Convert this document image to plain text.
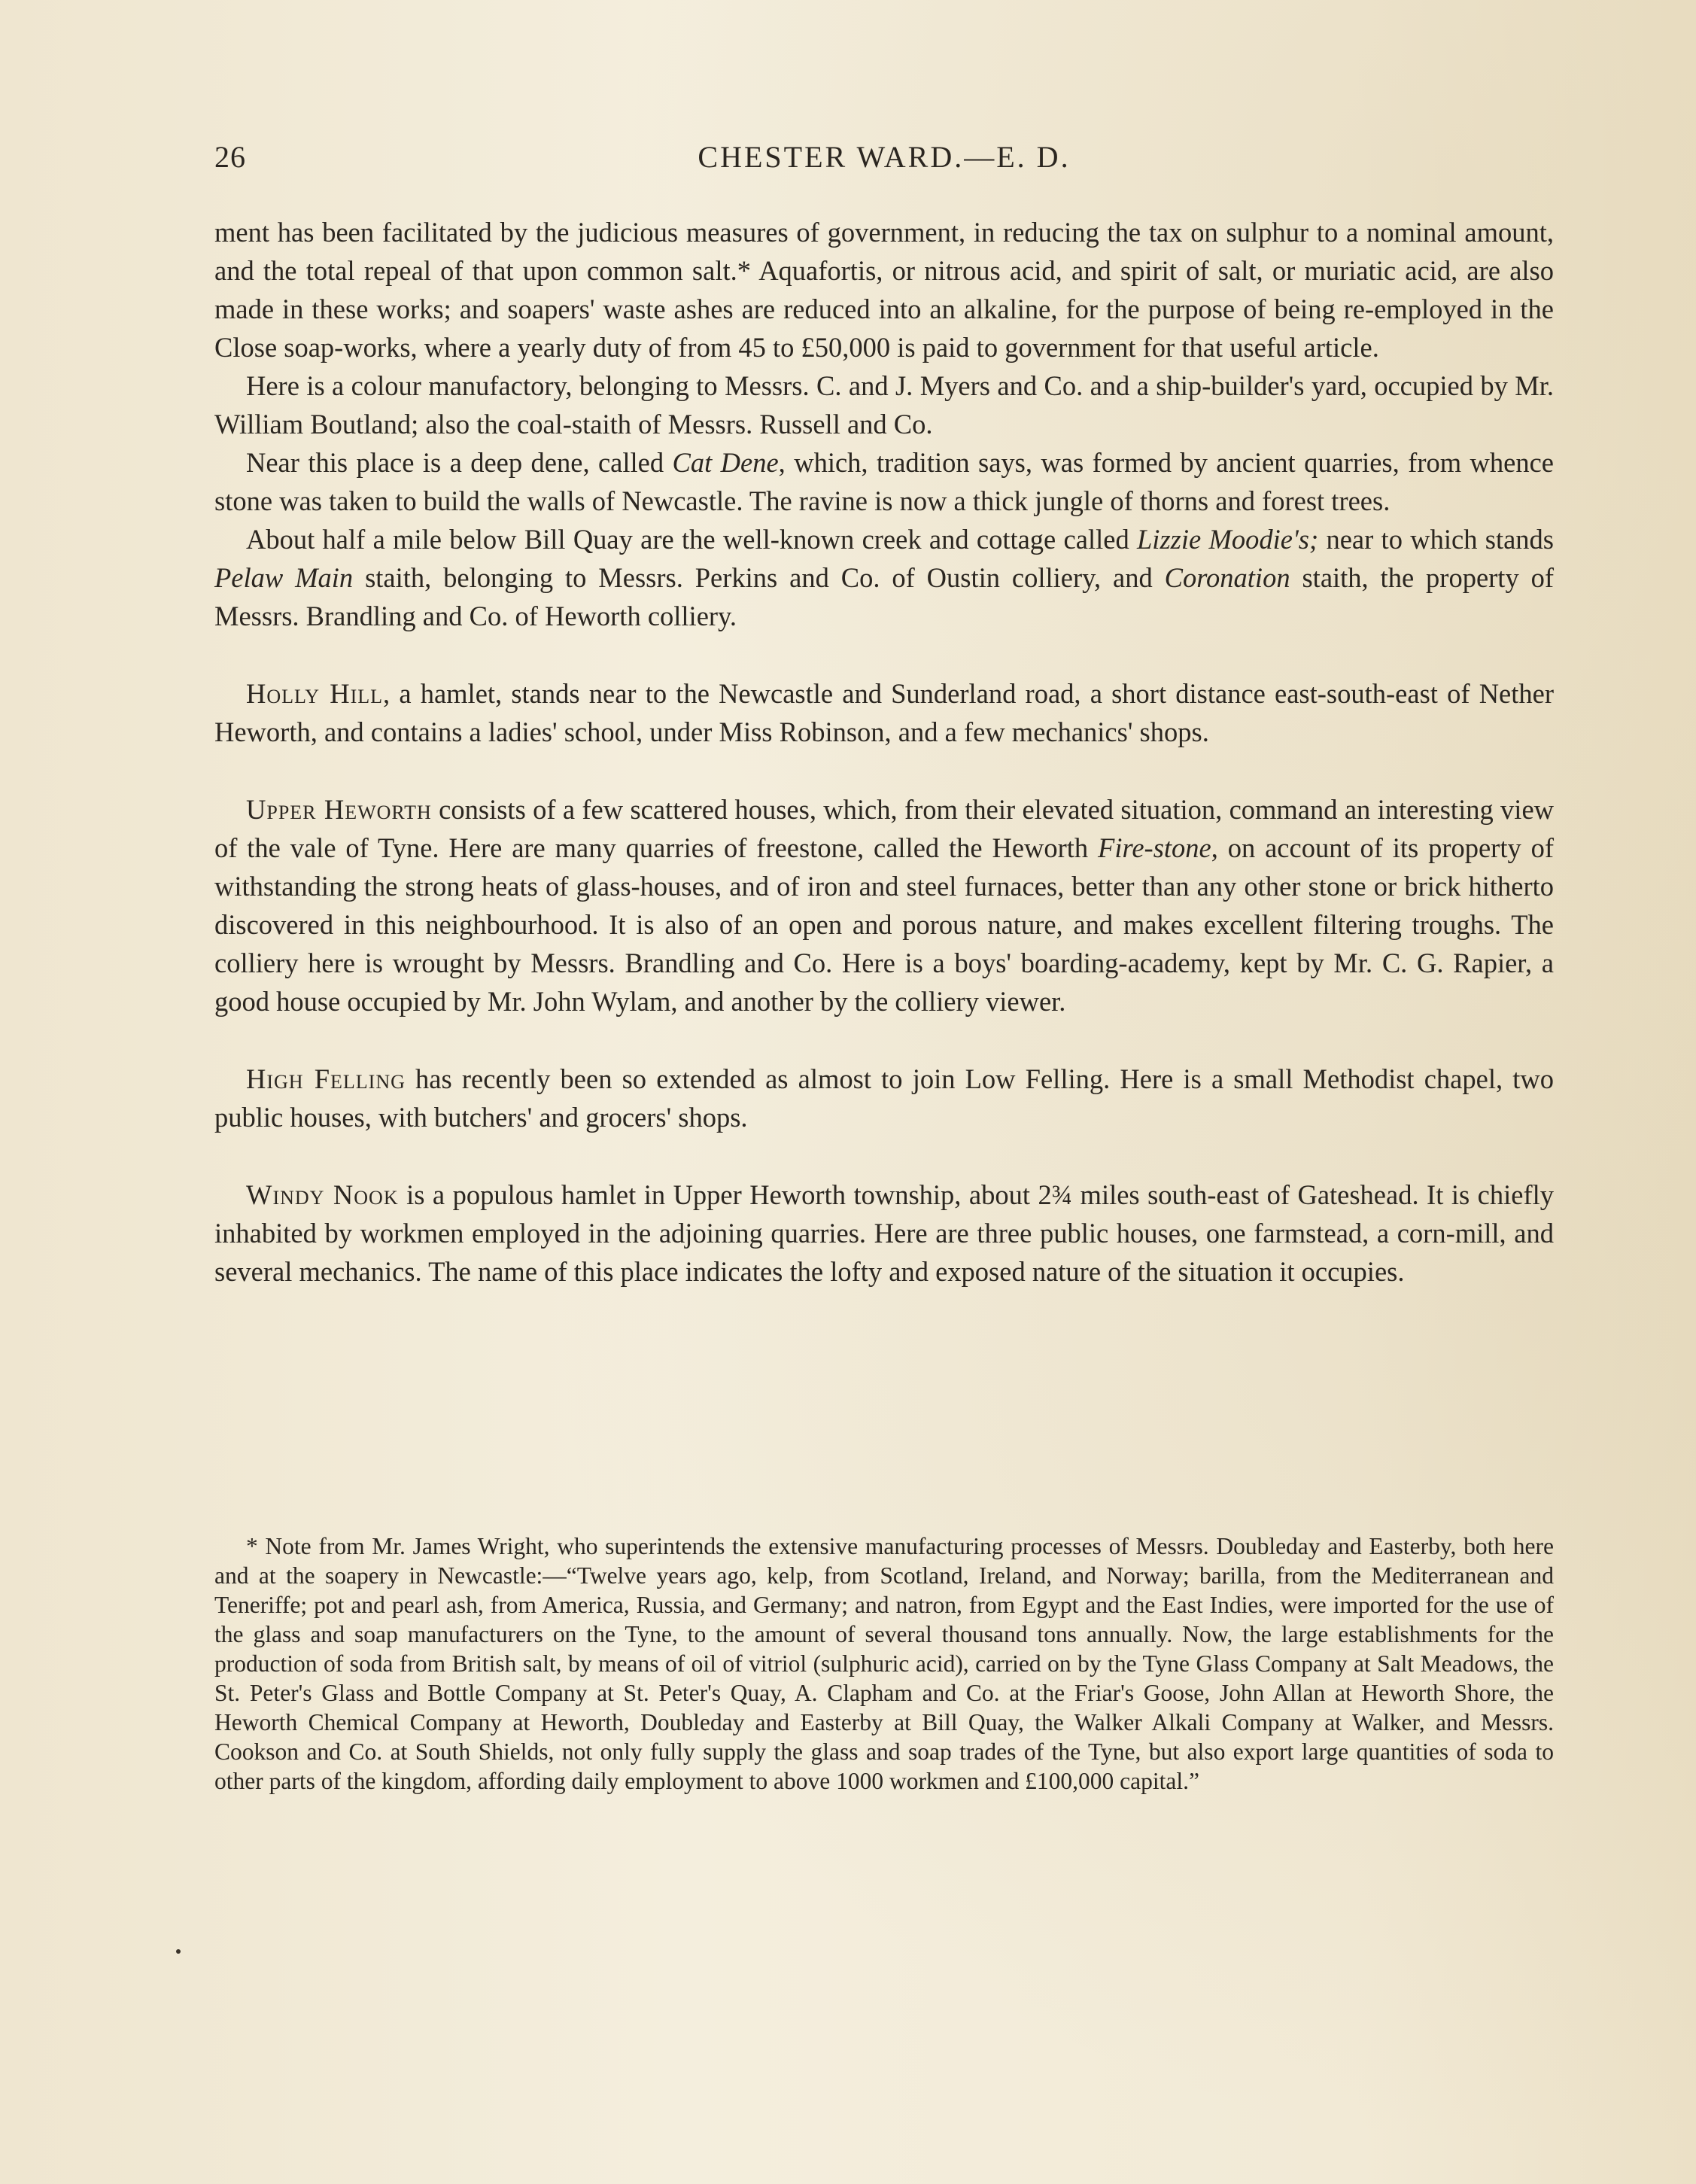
26	CHESTER WARD.—E. D.

ment has been facilitated by the judicious measures of government, in reducing the tax on sulphur to a nominal amount, and the total repeal of that upon common salt.* Aquafortis, or nitrous acid, and spirit of salt, or muriatic acid, are also made in these works; and soapers' waste ashes are reduced into an alkaline, for the purpose of being re-employed in the Close soap-works, where a yearly duty of from 45 to £50,000 is paid to government for that useful article.

Here is a colour manufactory, belonging to Messrs. C. and J. Myers and Co. and a ship-builder's yard, occupied by Mr. William Boutland; also the coal-staith of Messrs. Russell and Co.

Near this place is a deep dene, called Cat Dene, which, tradition says, was formed by ancient quarries, from whence stone was taken to build the walls of Newcastle. The ravine is now a thick jungle of thorns and forest trees.

About half a mile below Bill Quay are the well-known creek and cottage called Lizzie Moodie's; near to which stands Pelaw Main staith, belonging to Messrs. Perkins and Co. of Oustin colliery, and Coronation staith, the property of Messrs. Brandling and Co. of Heworth colliery.

Holly Hill, a hamlet, stands near to the Newcastle and Sunderland road, a short distance east-south-east of Nether Heworth, and contains a ladies' school, under Miss Robinson, and a few mechanics' shops.

Upper Heworth consists of a few scattered houses, which, from their elevated situation, command an interesting view of the vale of Tyne. Here are many quarries of freestone, called the Heworth Fire-stone, on account of its property of withstanding the strong heats of glass-houses, and of iron and steel furnaces, better than any other stone or brick hitherto discovered in this neighbourhood. It is also of an open and porous nature, and makes excellent filtering troughs. The colliery here is wrought by Messrs. Brandling and Co. Here is a boys' boarding-academy, kept by Mr. C. G. Rapier, a good house occupied by Mr. John Wylam, and another by the colliery viewer.

High Felling has recently been so extended as almost to join Low Felling. Here is a small Methodist chapel, two public houses, with butchers' and grocers' shops.

Windy Nook is a populous hamlet in Upper Heworth township, about 2¾ miles south-east of Gateshead. It is chiefly inhabited by workmen employed in the adjoining quarries. Here are three public houses, one farmstead, a corn-mill, and several mechanics. The name of this place indicates the lofty and exposed nature of the situation it occupies.

* Note from Mr. James Wright, who superintends the extensive manufacturing processes of Messrs. Doubleday and Easterby, both here and at the soapery in Newcastle:—“Twelve years ago, kelp, from Scotland, Ireland, and Norway; barilla, from the Mediterranean and Teneriffe; pot and pearl ash, from America, Russia, and Germany; and natron, from Egypt and the East Indies, were imported for the use of the glass and soap manufacturers on the Tyne, to the amount of several thousand tons annually. Now, the large establishments for the production of soda from British salt, by means of oil of vitriol (sulphuric acid), carried on by the Tyne Glass Company at Salt Meadows, the St. Peter's Glass and Bottle Company at St. Peter's Quay, A. Clapham and Co. at the Friar's Goose, John Allan at Heworth Shore, the Heworth Chemical Company at Heworth, Doubleday and Easterby at Bill Quay, the Walker Alkali Company at Walker, and Messrs. Cookson and Co. at South Shields, not only fully supply the glass and soap trades of the Tyne, but also export large quantities of soda to other parts of the kingdom, affording daily employment to above 1000 workmen and £100,000 capital.”
